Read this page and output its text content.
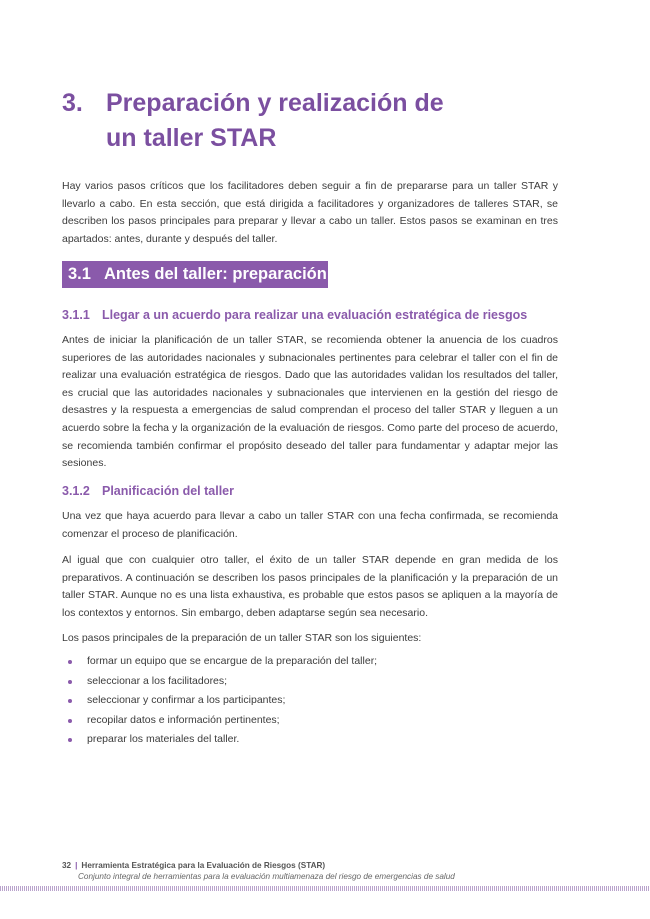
3. Preparación y realización de
un taller STAR

Hay varios pasos críticos que los facilitadores deben seguir a fin de prepararse para un taller STAR y llevarlo a cabo. En esta sección, que está dirigida a facilitadores y organizadores de talleres STAR, se describen los pasos principales para preparar y llevar a cabo un taller. Estos pasos se examinan en tres apartados: antes, durante y después del taller.

3.1 Antes del taller: preparación
3.1.1 Llegar a un acuerdo para realizar una evaluación estratégica de riesgos

Antes de iniciar la planificación de un taller STAR, se recomienda obtener la anuencia de los cuadros superiores de las autoridades nacionales y subnacionales pertinentes para celebrar el taller con el fin de realizar una evaluación estratégica de riesgos. Dado que las autoridades validan los resultados del taller, es crucial que las autoridades nacionales y subnacionales que intervienen en la gestión del riesgo de desastres y la respuesta a emergencias de salud comprendan el proceso del taller STAR y lleguen a un acuerdo sobre la fecha y la organización de la evaluación de riesgos. Como parte del proceso de acuerdo, se recomienda también confirmar el propósito deseado del taller para fundamentar y adaptar mejor las sesiones.

3.1.2 Planificación del taller

Una vez que haya acuerdo para llevar a cabo un taller STAR con una fecha confirmada, se recomienda comenzar el proceso de planificación.

Al igual que con cualquier otro taller, el éxito de un taller STAR depende en gran medida de los preparativos. A continuación se describen los pasos principales de la planificación y la preparación de un taller STAR. Aunque no es una lista exhaustiva, es probable que estos pasos se apliquen a la mayoría de los contextos y entornos. Sin embargo, deben adaptarse según sea necesario.

Los pasos principales de la preparación de un taller STAR son los siguientes:

formar un equipo que se encargue de la preparación del taller;
seleccionar a los facilitadores;
seleccionar y confirmar a los participantes;
recopilar datos e información pertinentes;
preparar los materiales del taller.
32 | Herramienta Estratégica para la Evaluación de Riesgos (STAR)
Conjunto integral de herramientas para la evaluación multiamenaza del riesgo de emergencias de salud
